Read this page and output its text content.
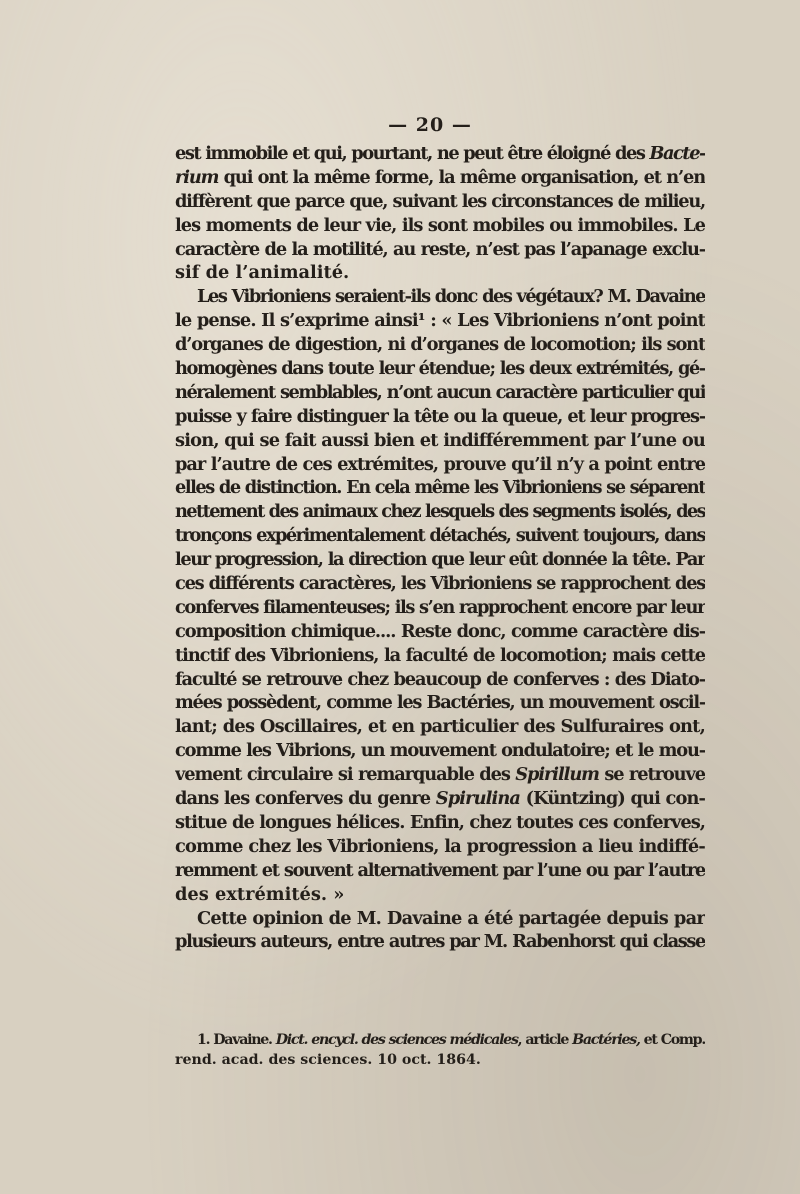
— 20 —
est immobile et qui, pourtant, ne peut être éloigné des Bacte-
rium qui ont la même forme, la même organisation, et n’en
diffèrent que parce que, suivant les circonstances de milieu,
les moments de leur vie, ils sont mobiles ou immobiles. Le
caractère de la motilité, au reste, n’est pas l’apanage exclu-
sif de l’animalité.
Les Vibrioniens seraient-ils donc des végétaux? M. Davaine
le pense. Il s’exprime ainsi¹ : « Les Vibrioniens n’ont point
d’organes de digestion, ni d’organes de locomotion; ils sont
homogènes dans toute leur étendue; les deux extrémités, gé-
néralement semblables, n’ont aucun caractère particulier qui
puisse y faire distinguer la tête ou la queue, et leur progres-
sion, qui se fait aussi bien et indifféremment par l’une ou
par l’autre de ces extrémites, prouve qu’il n’y a point entre
elles de distinction. En cela même les Vibrioniens se séparent
nettement des animaux chez lesquels des segments isolés, des
tronçons expérimentalement détachés, suivent toujours, dans
leur progression, la direction que leur eût donnée la tête. Par
ces différents caractères, les Vibrioniens se rapprochent des
conferves filamenteuses; ils s’en rapprochent encore par leur
composition chimique.... Reste donc, comme caractère dis-
tinctif des Vibrioniens, la faculté de locomotion; mais cette
faculté se retrouve chez beaucoup de conferves : des Diato-
mées possèdent, comme les Bactéries, un mouvement oscil-
lant; des Oscillaires, et en particulier des Sulfuraires ont,
comme les Vibrions, un mouvement ondulatoire; et le mou-
vement circulaire si remarquable des Spirillum se retrouve
dans les conferves du genre Spirulina (Küntzing) qui con-
stitue de longues hélices. Enfin, chez toutes ces conferves,
comme chez les Vibrioniens, la progression a lieu indiffé-
remment et souvent alternativement par l’une ou par l’autre
des extrémités. »
Cette opinion de M. Davaine a été partagée depuis par
plusieurs auteurs, entre autres par M. Rabenhorst qui classe
1. Davaine. Dict. encycl. des sciences médicales, article Bactéries, et Comp.
rend. acad. des sciences. 10 oct. 1864.
